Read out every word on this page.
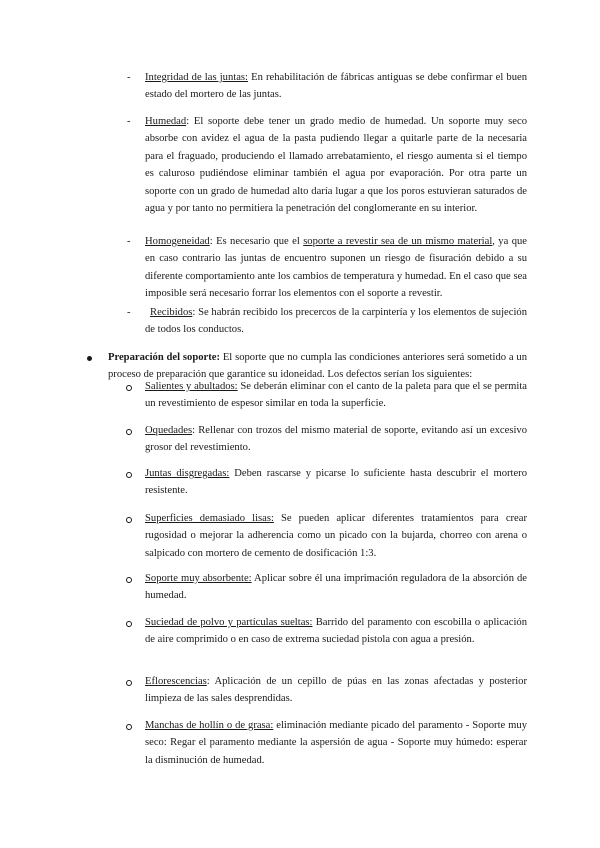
- Integridad de las juntas: En rehabilitación de fábricas antiguas se debe confirmar el buen estado del mortero de las juntas.

- Humedad: El soporte debe tener un grado medio de humedad. Un soporte muy seco absorbe con avidez el agua de la pasta pudiendo llegar a quitarle parte de la necesaria para el fraguado, produciendo el llamado arrebatamiento, el riesgo aumenta si el tiempo es caluroso pudiéndose eliminar también el agua por evaporación. Por otra parte un soporte con un grado de humedad alto daría lugar a que los poros estuvieran saturados de agua y por tanto no permitiera la penetración del conglomerante en su interior.

- Homogeneidad: Es necesario que el soporte a revestir sea de un mismo material, ya que en caso contrario las juntas de encuentro suponen un riesgo de fisuración debido a su diferente comportamiento ante los cambios de temperatura y humedad. En el caso que sea imposible será necesario forrar los elementos con el soporte a revestir.

-	Recibidos: Se habrán recibido los precercos de la carpintería y los elementos de sujeción de todos los conductos.

Preparación del soporte: El soporte que no cumpla las condiciones anteriores será sometido a un proceso de preparación que garantice su idoneidad. Los defectos serían los siguientes:

Salientes y abultados: Se deberán eliminar con el canto de la paleta para que el se permita un revestimiento de espesor similar en toda la superficie.

Oquedades: Rellenar con trozos del mismo material de soporte, evitando así un excesivo grosor del revestimiento.

Juntas disgregadas: Deben rascarse y picarse lo suficiente hasta descubrir el mortero resistente.

Superficies demasiado lisas: Se pueden aplicar diferentes tratamientos para crear rugosidad o mejorar la adherencia como un picado con la bujarda, chorreo con arena o salpicado con mortero de cemento de dosificación 1:3.

Soporte muy absorbente: Aplicar sobre él una imprimación reguladora de la absorción de humedad.

Suciedad de polvo y partículas sueltas: Barrido del paramento con escobilla o aplicación de aire comprimido o en caso de extrema suciedad pistola con agua a presión.

Eflorescencias: Aplicación de un cepillo de púas en las zonas afectadas y posterior limpieza de las sales desprendidas.

Manchas de hollín o de grasa: eliminación mediante picado del paramento - Soporte muy seco: Regar el paramento mediante la aspersión de agua - Soporte muy húmedo: esperar la disminución de humedad.
